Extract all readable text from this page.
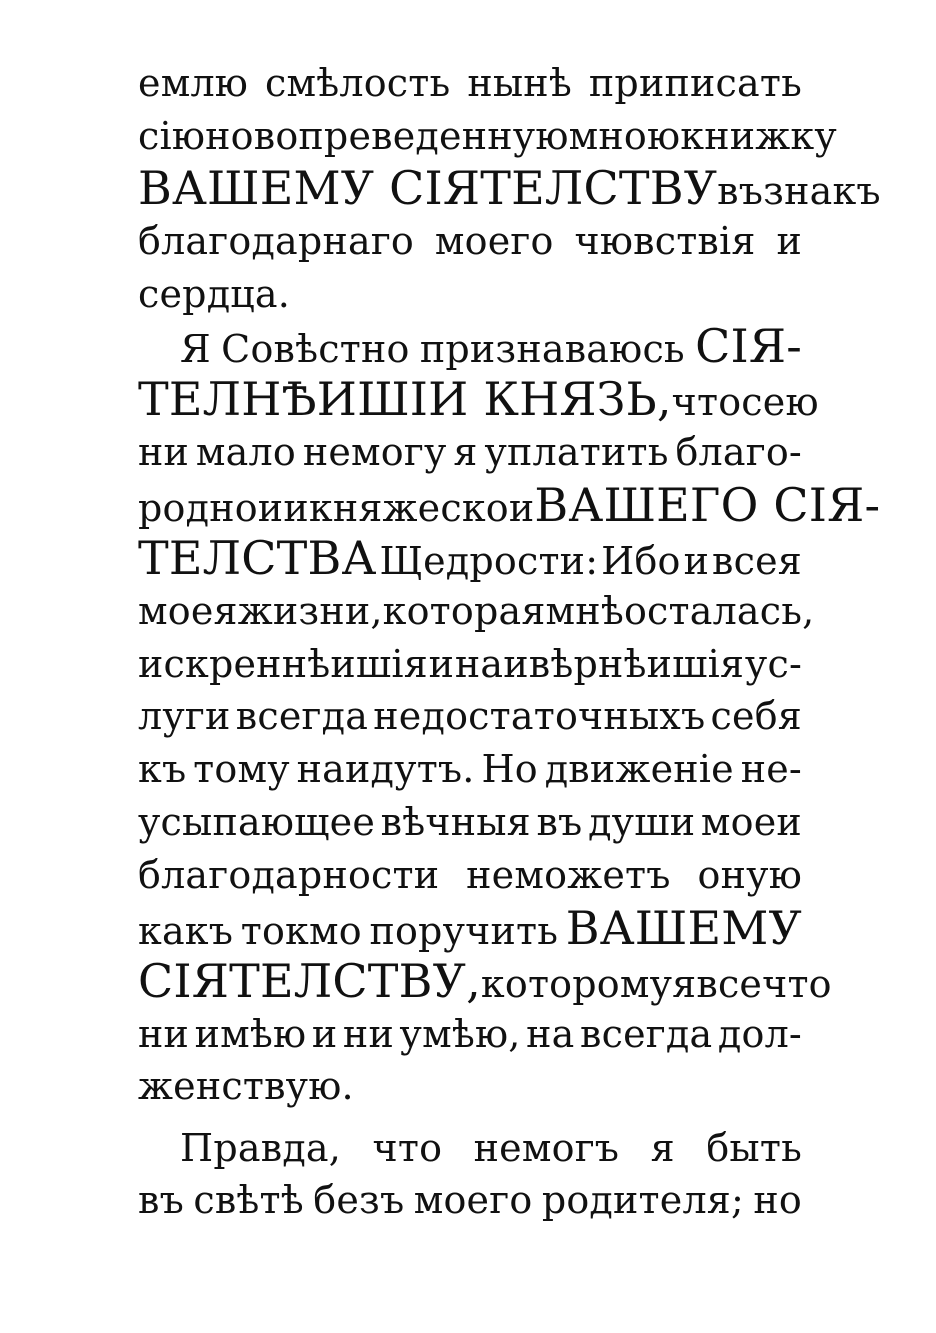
емлю смѣлость нынѣ приписать
сію новопреведенную мною книжку
ВАШЕМУ СІЯТЕЛСТВУ въ знакъ
благодарнаго моего чювствія и
сердца.
Я Совѣстно признаваюсь СІЯ-
ТЕЛНѢИШІИ КНЯЗЬ, что сею
ни мало немогу я уплатить благо-
роднои и княжескои ВАШЕГО СІЯ-
ТЕЛСТВА Щедрости: Ибо и всея
моея жизни, которая мнѣ осталась,
искреннѣишія и наивѣрнѣишія ус-
луги всегда недостаточныхъ себя
къ тому наидутъ. Но движеніе не-
усыпающее вѣчныя въ души моеи
благодарности неможетъ оную
какъ токмо поручить ВАШЕМУ
СІЯТЕЛСТВУ, которому я все что
ни имѣю и ни умѣю, на всегда дол-
женствую.
Правда, что немогъ я быть
въ свѣтѣ безъ моего родителя; но
